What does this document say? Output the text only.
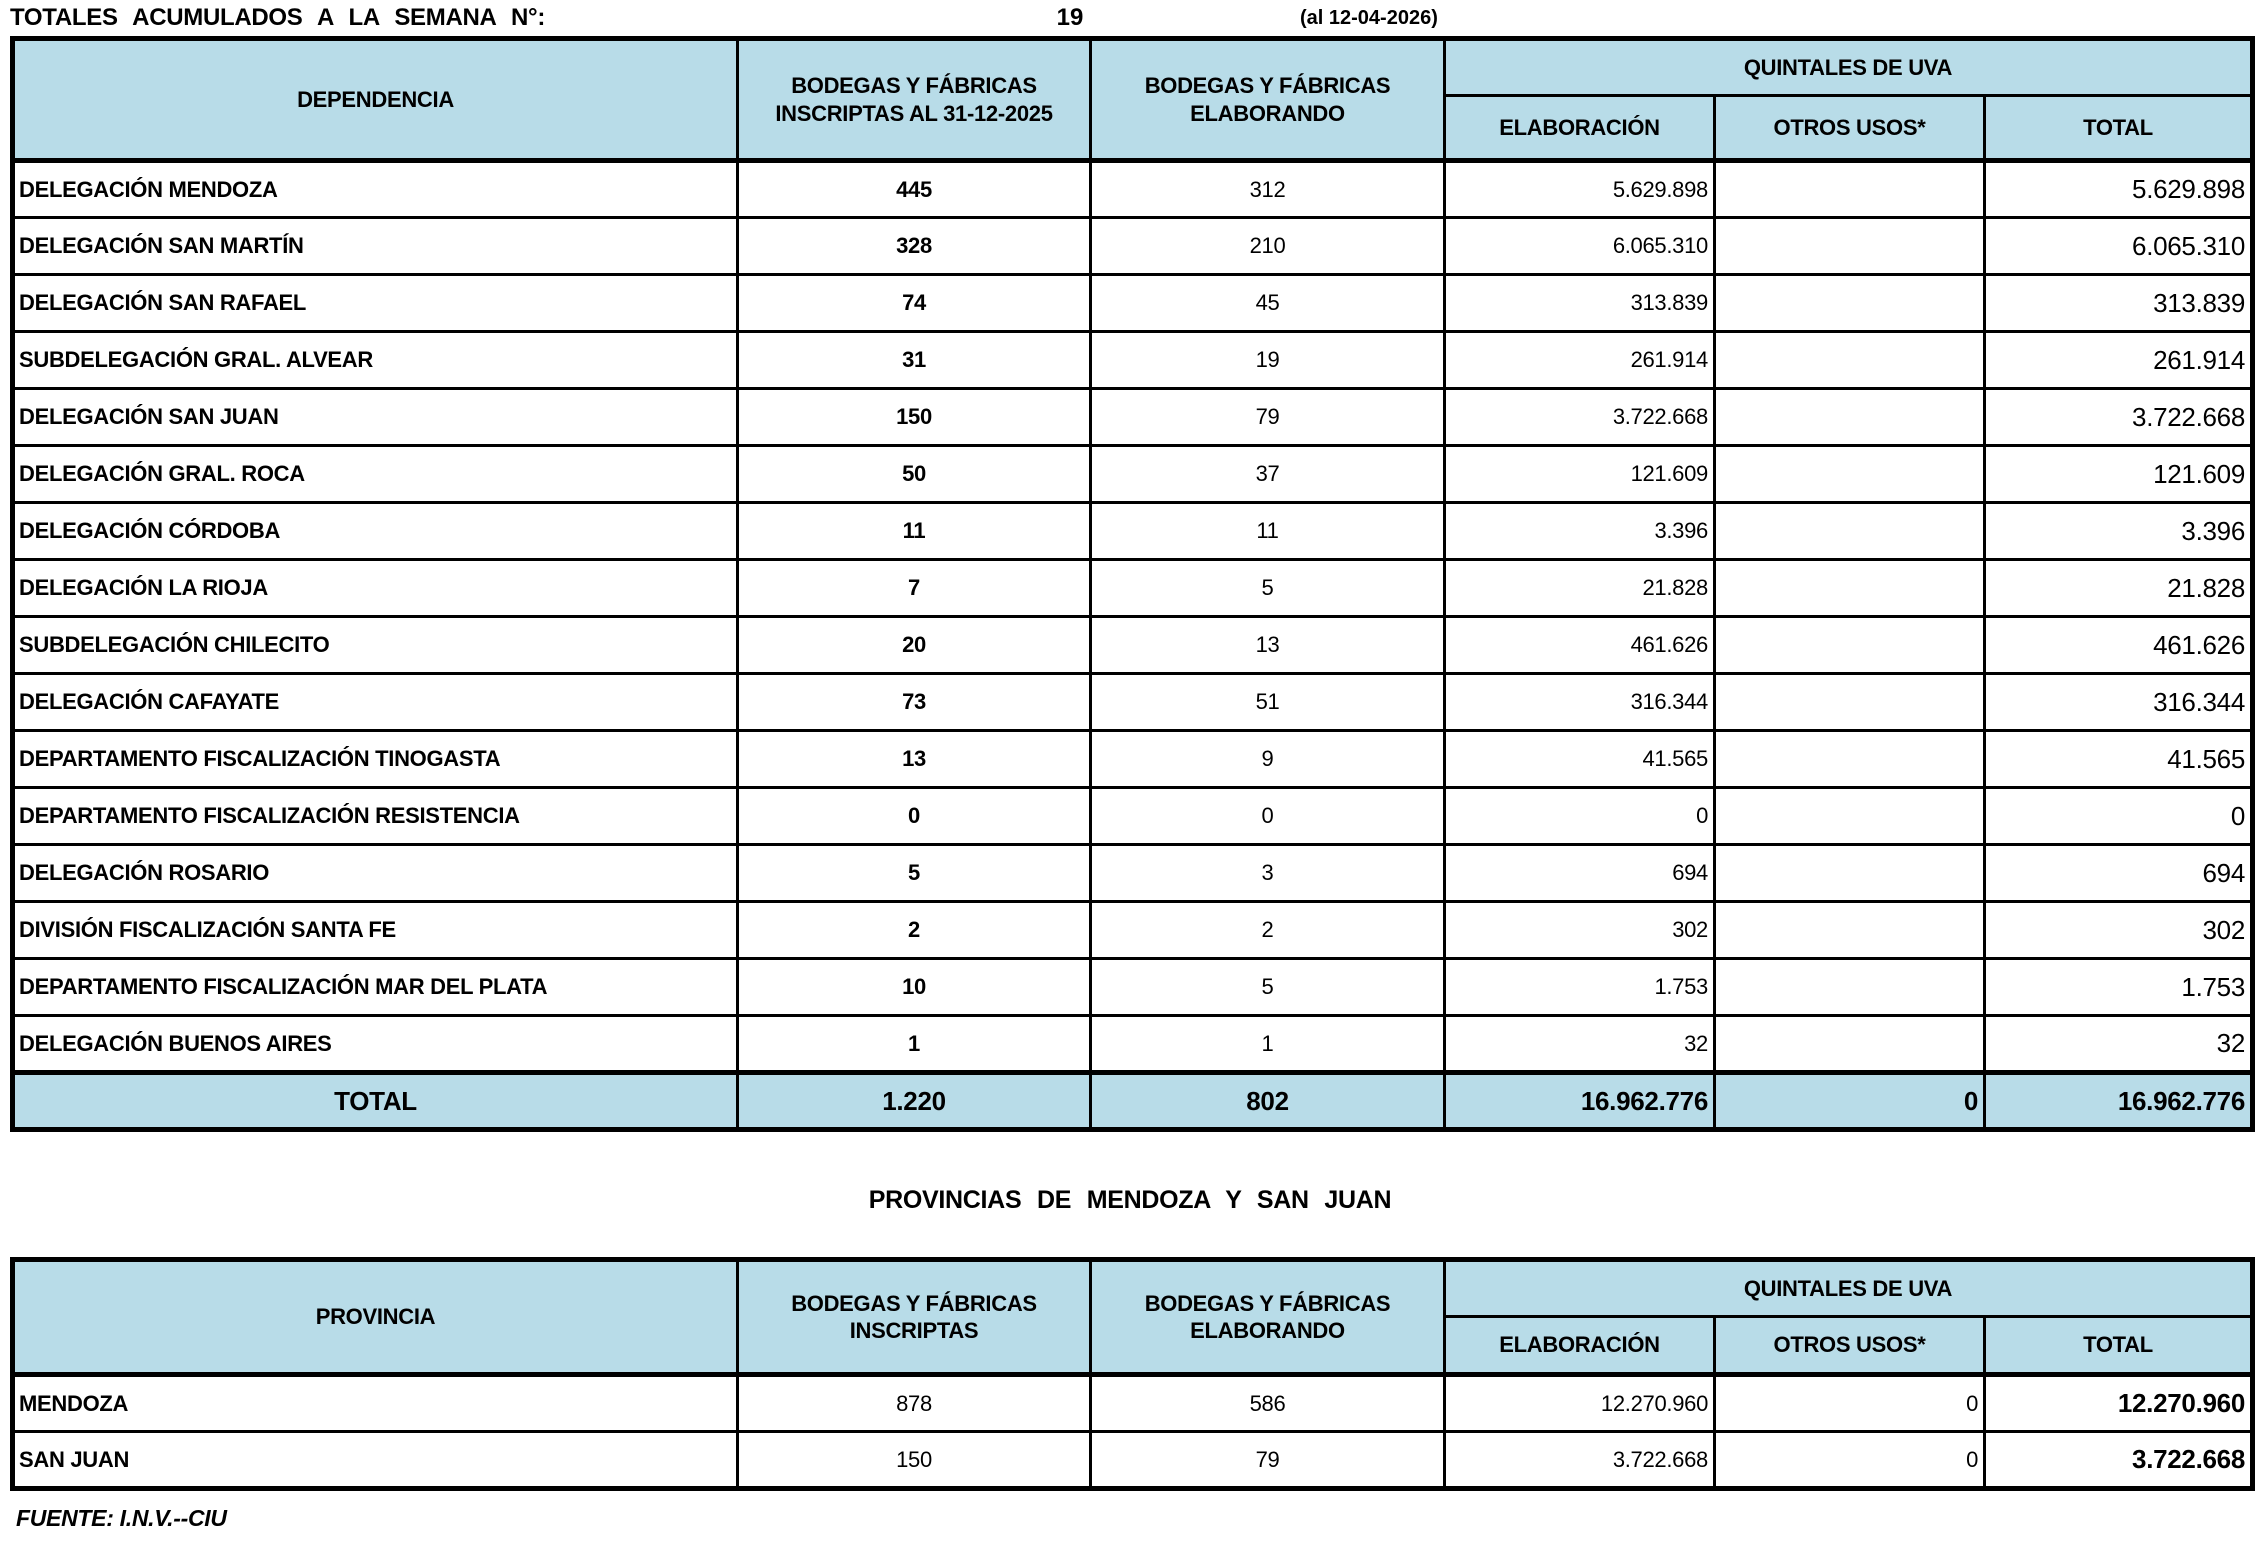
TOTALES ACUMULADOS A LA SEMANA N°:	19	(al 12-04-2026)
DEPENDENCIA	BODEGAS Y FÁBRICAS INSCRIPTAS AL 31-12-2025	BODEGAS Y FÁBRICAS ELABORANDO	QUINTALES DE UVA		
			ELABORACIÓN	OTROS USOS*	TOTAL
DELEGACIÓN MENDOZA	445	312	5.629.898		5.629.898
DELEGACIÓN SAN MARTÍN	328	210	6.065.310		6.065.310
DELEGACIÓN SAN RAFAEL	74	45	313.839		313.839
SUBDELEGACIÓN GRAL. ALVEAR	31	19	261.914		261.914
DELEGACIÓN SAN JUAN	150	79	3.722.668		3.722.668
DELEGACIÓN GRAL. ROCA	50	37	121.609		121.609
DELEGACIÓN CÓRDOBA	11	11	3.396		3.396
DELEGACIÓN LA RIOJA	7	5	21.828		21.828
SUBDELEGACIÓN CHILECITO	20	13	461.626		461.626
DELEGACIÓN CAFAYATE	73	51	316.344		316.344
DEPARTAMENTO FISCALIZACIÓN TINOGASTA	13	9	41.565		41.565
DEPARTAMENTO FISCALIZACIÓN RESISTENCIA	0	0	0		0
DELEGACIÓN ROSARIO	5	3	694		694
DIVISIÓN FISCALIZACIÓN SANTA FE	2	2	302		302
DEPARTAMENTO FISCALIZACIÓN MAR DEL PLATA	10	5	1.753		1.753
DELEGACIÓN BUENOS AIRES	1	1	32		32
TOTAL	1.220	802	16.962.776	0	16.962.776
PROVINCIAS DE MENDOZA Y SAN JUAN
PROVINCIA	BODEGAS Y FÁBRICAS INSCRIPTAS	BODEGAS Y FÁBRICAS ELABORANDO	QUINTALES DE UVA		
			ELABORACIÓN	OTROS USOS*	TOTAL
MENDOZA	878	586	12.270.960	0	12.270.960
SAN JUAN	150	79	3.722.668	0	3.722.668
FUENTE: I.N.V.--CIU
